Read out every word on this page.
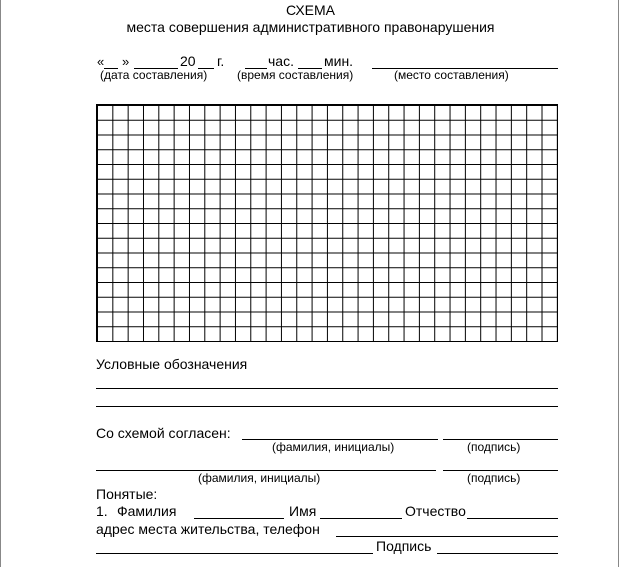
СХЕМА
места совершения административного правонарушения
« »	20 г.	час. мин.
(дата составления) (время составления)	(место составления)
Условные обозначения
Со схемой согласен:
(фамилия, инициалы)	(подпись)
(фамилия, инициалы)	(подпись)
Понятые:
1. Фамилия	Имя	Отчество
адрес места жительства, телефон
Подпись
